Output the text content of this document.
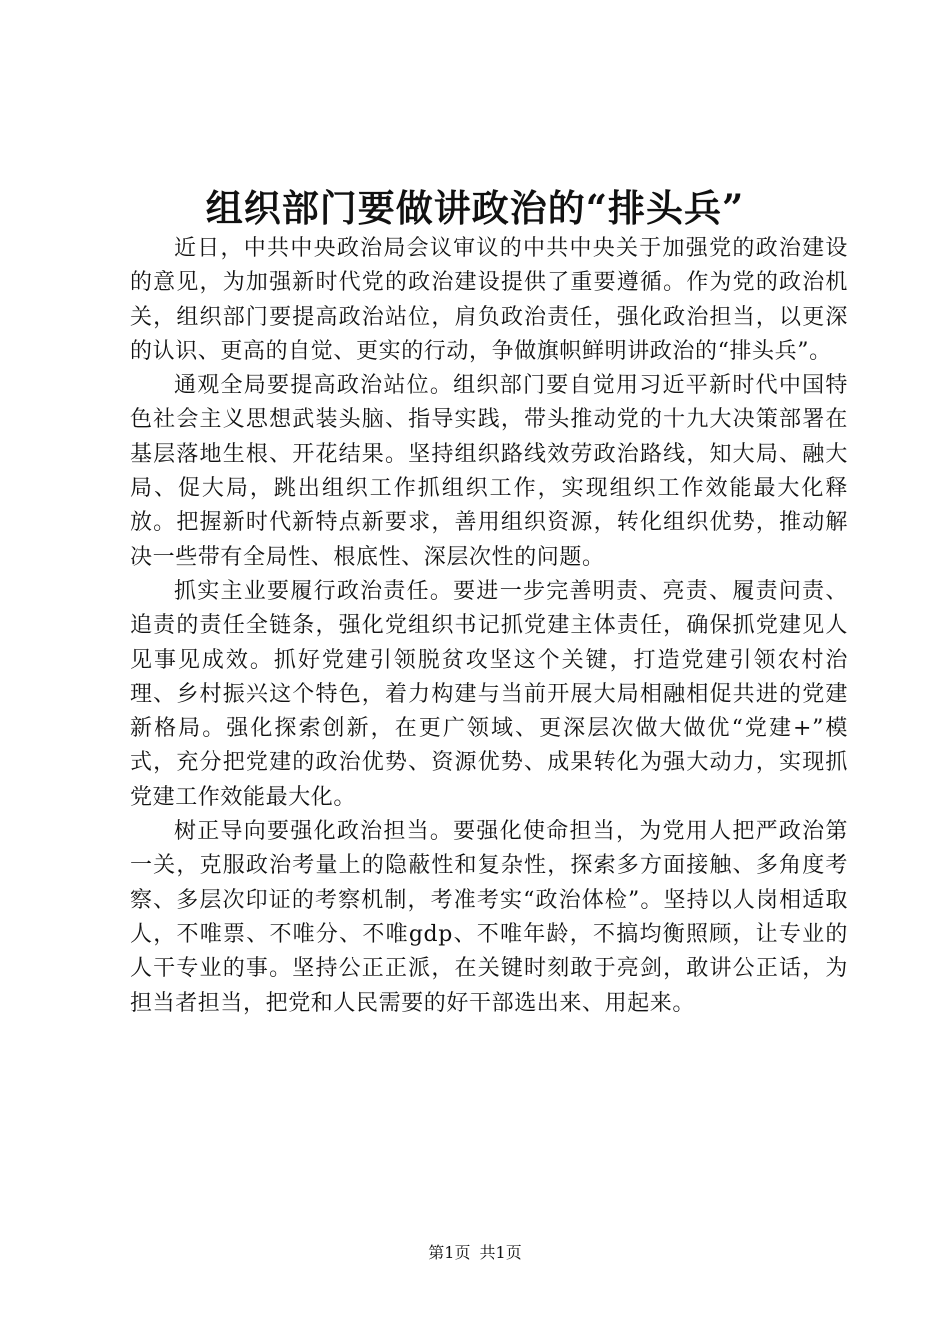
组织部门要做讲政治的“排头兵”

近日，中共中央政治局会议审议的中共中央关于加强党的政治建设的意见，为加强新时代党的政治建设提供了重要遵循。作为党的政治机关，组织部门要提高政治站位，肩负政治责任，强化政治担当，以更深的认识、更高的自觉、更实的行动，争做旗帜鲜明讲政治的“排头兵”。

通观全局要提高政治站位。组织部门要自觉用习近平新时代中国特色社会主义思想武装头脑、指导实践，带头推动党的十九大决策部署在基层落地生根、开花结果。坚持组织路线效劳政治路线，知大局、融大局、促大局，跳出组织工作抓组织工作，实现组织工作效能最大化释放。把握新时代新特点新要求，善用组织资源，转化组织优势，推动解决一些带有全局性、根底性、深层次性的问题。

抓实主业要履行政治责任。要进一步完善明责、亮责、履责问责、追责的责任全链条，强化党组织书记抓党建主体责任，确保抓党建见人见事见成效。抓好党建引领脱贫攻坚这个关键，打造党建引领农村治理、乡村振兴这个特色，着力构建与当前开展大局相融相促共进的党建新格局。强化探索创新，在更广领域、更深层次做大做优“党建+”模式，充分把党建的政治优势、资源优势、成果转化为强大动力，实现抓党建工作效能最大化。

树正导向要强化政治担当。要强化使命担当，为党用人把严政治第一关，克服政治考量上的隐蔽性和复杂性，探索多方面接触、多角度考察、多层次印证的考察机制，考准考实“政治体检”。坚持以人岗相适取人，不唯票、不唯分、不唯gdp、不唯年龄，不搞均衡照顾，让专业的人干专业的事。坚持公正正派，在关键时刻敢于亮剑，敢讲公正话，为担当者担当，把党和人民需要的好干部选出来、用起来。

第1页 共1页
